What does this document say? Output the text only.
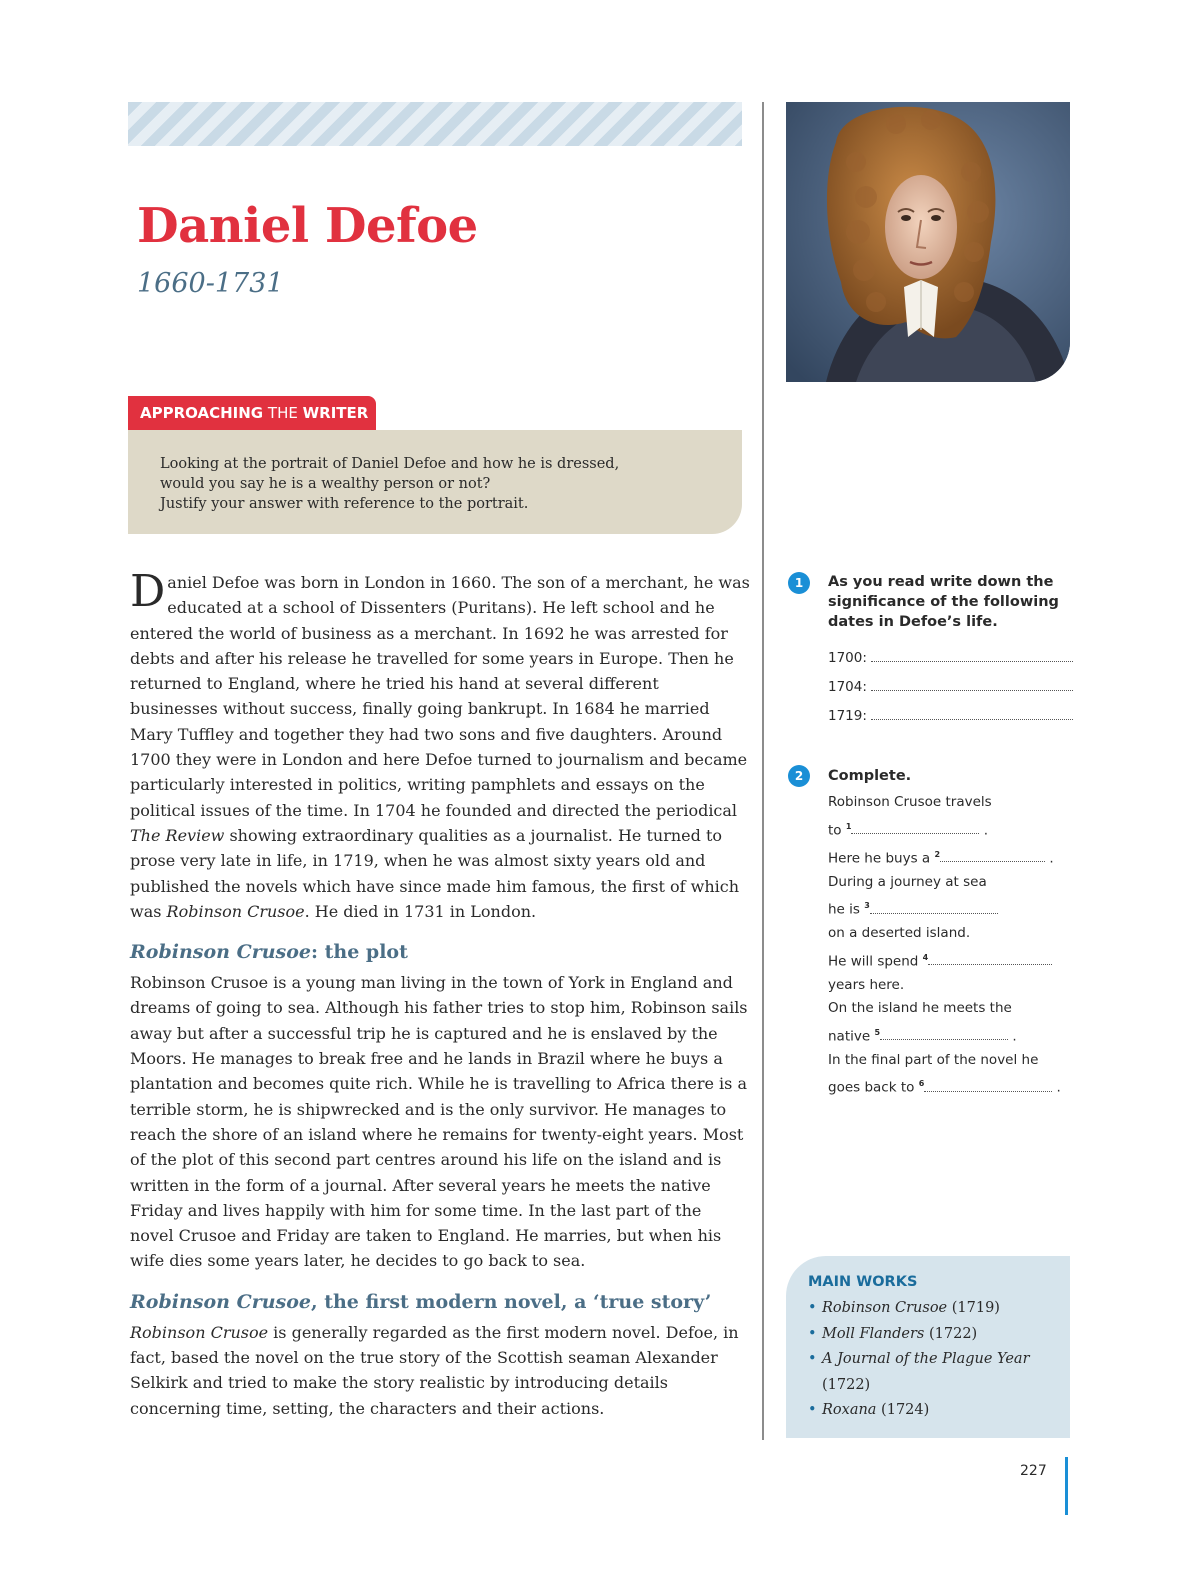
Daniel Defoe
1660-1731
APPROACHING THE WRITER
Looking at the portrait of Daniel Defoe and how he is dressed,
would you say he is a wealthy person or not?
Justify your answer with reference to the portrait.

Daniel Defoe was born in London in 1660. The son of a merchant, he was educated at a school of Dissenters (Puritans). He left school and he entered the world of business as a merchant. In 1692 he was arrested for debts and after his release he travelled for some years in Europe. Then he returned to England, where he tried his hand at several different businesses without success, finally going bankrupt. In 1684 he married Mary Tuffley and together they had two sons and five daughters. Around 1700 they were in London and here Defoe turned to journalism and became particularly interested in politics, writing pamphlets and essays on the political issues of the time. In 1704 he founded and directed the periodical The Review showing extraordinary qualities as a journalist. He turned to prose very late in life, in 1719, when he was almost sixty years old and published the novels which have since made him famous, the first of which was Robinson Crusoe. He died in 1731 in London.

Robinson Crusoe: the plot

Robinson Crusoe is a young man living in the town of York in England and dreams of going to sea. Although his father tries to stop him, Robinson sails away but after a successful trip he is captured and he is enslaved by the Moors. He manages to break free and he lands in Brazil where he buys a plantation and becomes quite rich. While he is travelling to Africa there is a terrible storm, he is shipwrecked and is the only survivor. He manages to reach the shore of an island where he remains for twenty-eight years. Most of the plot of this second part centres around his life on the island and is written in the form of a journal. After several years he meets the native Friday and lives happily with him for some time. In the last part of the novel Crusoe and Friday are taken to England. He marries, but when his wife dies some years later, he decides to go back to sea.

Robinson Crusoe, the first modern novel, a ‘true story’

Robinson Crusoe is generally regarded as the first modern novel. Defoe, in fact, based the novel on the true story of the Scottish seaman Alexander Selkirk and tried to make the story realistic by introducing details concerning time, setting, the characters and their actions.

1	As you read write down the significance of the following dates in Defoe’s life.
1700:
1704:
1719:
2	Complete.
Robinson Crusoe travels
to $^1$	.
Here he buys a $^2$	.
During a journey at sea
he is $^3$
on a deserted island.
He will spend $^4$
years here.
On the island he meets the
native $^5$	.
In the final part of the novel he
goes back to $^6$	.
MAIN WORKS
• Robinson Crusoe (1719)
• Moll Flanders (1722)
• A Journal of the Plague Year
(1722)
• Roxana (1724)
227
